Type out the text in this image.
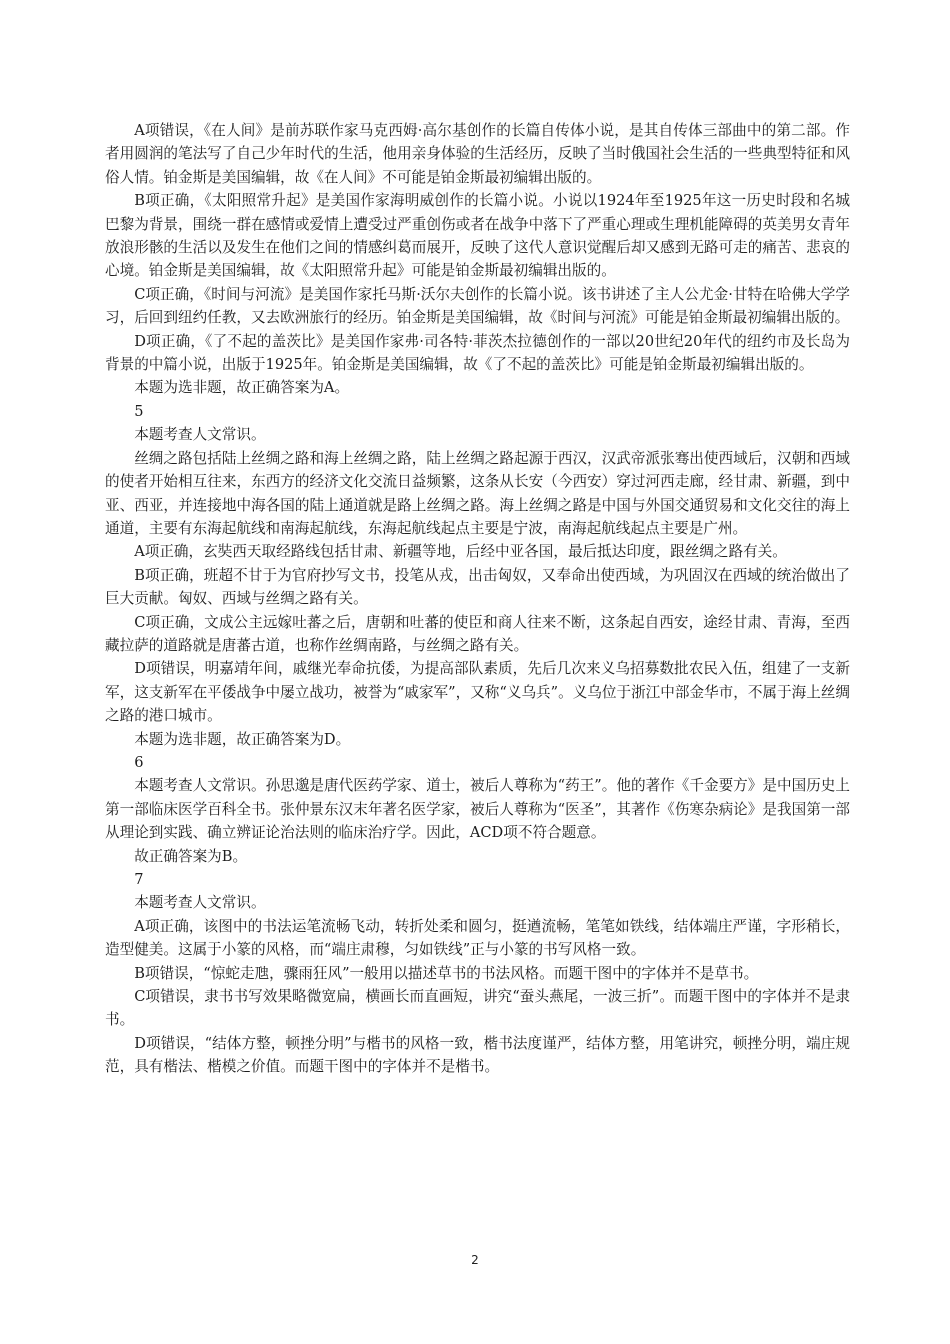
A项错误，《在人间》是前苏联作家马克西姆·高尔基创作的长篇自传体小说，是其自传体三部曲中的第二部。作者用圆润的笔法写了自己少年时代的生活，他用亲身体验的生活经历，反映了当时俄国社会生活的一些典型特征和风俗人情。铂金斯是美国编辑，故《在人间》不可能是铂金斯最初编辑出版的。

B项正确，《太阳照常升起》是美国作家海明威创作的长篇小说。小说以1924年至1925年这一历史时段和名城巴黎为背景，围绕一群在感情或爱情上遭受过严重创伤或者在战争中落下了严重心理或生理机能障碍的英美男女青年放浪形骸的生活以及发生在他们之间的情感纠葛而展开，反映了这代人意识觉醒后却又感到无路可走的痛苦、悲哀的心境。铂金斯是美国编辑，故《太阳照常升起》可能是铂金斯最初编辑出版的。

C项正确，《时间与河流》是美国作家托马斯·沃尔夫创作的长篇小说。该书讲述了主人公尤金·甘特在哈佛大学学习，后回到纽约任教，又去欧洲旅行的经历。铂金斯是美国编辑，故《时间与河流》可能是铂金斯最初编辑出版的。

D项正确，《了不起的盖茨比》是美国作家弗·司各特·菲茨杰拉德创作的一部以20世纪20年代的纽约市及长岛为背景的中篇小说，出版于1925年。铂金斯是美国编辑，故《了不起的盖茨比》可能是铂金斯最初编辑出版的。

本题为选非题，故正确答案为A。

5

本题考查人文常识。

丝绸之路包括陆上丝绸之路和海上丝绸之路，陆上丝绸之路起源于西汉，汉武帝派张骞出使西域后，汉朝和西域的使者开始相互往来，东西方的经济文化交流日益频繁，这条从长安（今西安）穿过河西走廊，经甘肃、新疆，到中亚、西亚，并连接地中海各国的陆上通道就是路上丝绸之路。海上丝绸之路是中国与外国交通贸易和文化交往的海上通道，主要有东海起航线和南海起航线，东海起航线起点主要是宁波，南海起航线起点主要是广州。

A项正确，玄奘西天取经路线包括甘肃、新疆等地，后经中亚各国，最后抵达印度，跟丝绸之路有关。

B项正确，班超不甘于为官府抄写文书，投笔从戎，出击匈奴，又奉命出使西域，为巩固汉在西域的统治做出了巨大贡献。匈奴、西域与丝绸之路有关。

C项正确，文成公主远嫁吐蕃之后，唐朝和吐蕃的使臣和商人往来不断，这条起自西安，途经甘肃、青海，至西藏拉萨的道路就是唐蕃古道，也称作丝绸南路，与丝绸之路有关。

D项错误，明嘉靖年间，戚继光奉命抗倭，为提高部队素质，先后几次来义乌招募数批农民入伍，组建了一支新军，这支新军在平倭战争中屡立战功，被誉为“戚家军”，又称“义乌兵”。义乌位于浙江中部金华市，不属于海上丝绸之路的港口城市。

本题为选非题，故正确答案为D。

6

本题考查人文常识。孙思邈是唐代医药学家、道士，被后人尊称为“药王”。他的著作《千金要方》是中国历史上第一部临床医学百科全书。张仲景东汉末年著名医学家，被后人尊称为“医圣”，其著作《伤寒杂病论》是我国第一部从理论到实践、确立辨证论治法则的临床治疗学。因此，ACD项不符合题意。

故正确答案为B。

7

本题考查人文常识。

A项正确，该图中的书法运笔流畅飞动，转折处柔和圆匀，挺遒流畅，笔笔如铁线，结体端庄严谨，字形稍长，造型健美。这属于小篆的风格，而“端庄肃穆，匀如铁线”正与小篆的书写风格一致。

B项错误，“惊蛇走虺，骤雨狂风”一般用以描述草书的书法风格。而题干图中的字体并不是草书。

C项错误，隶书书写效果略微宽扁，横画长而直画短，讲究“蚕头燕尾，一波三折”。而题干图中的字体并不是隶书。

D项错误，“结体方整，顿挫分明”与楷书的风格一致，楷书法度谨严，结体方整，用笔讲究，顿挫分明，端庄规范，具有楷法、楷模之价值。而题干图中的字体并不是楷书。

2
